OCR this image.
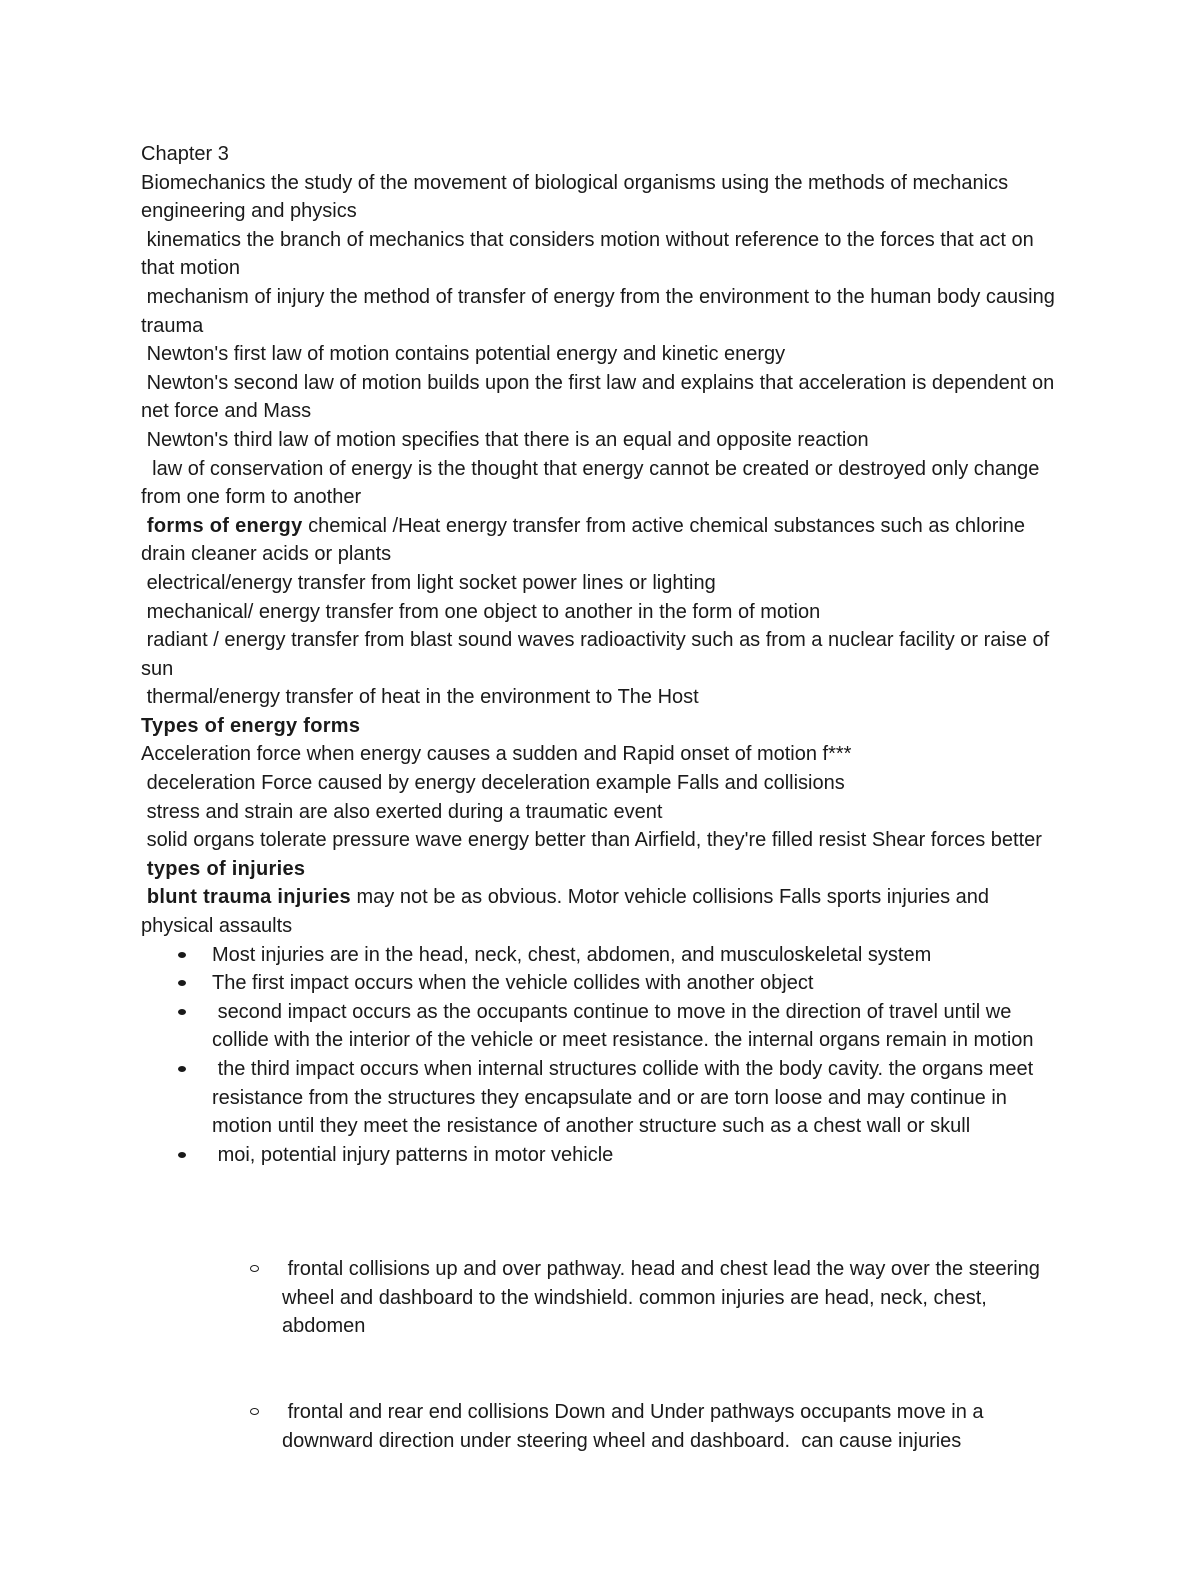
Chapter 3

Biomechanics the study of the movement of biological organisms using the methods of mechanics engineering and physics

kinematics the branch of mechanics that considers motion without reference to the forces that act on that motion

mechanism of injury the method of transfer of energy from the environment to the human body causing trauma

Newton's first law of motion contains potential energy and kinetic energy

Newton's second law of motion builds upon the first law and explains that acceleration is dependent on net force and Mass

Newton's third law of motion specifies that there is an equal and opposite reaction

law of conservation of energy is the thought that energy cannot be created or destroyed only change from one form to another

forms of energy chemical /Heat energy transfer from active chemical substances such as chlorine drain cleaner acids or plants

electrical/energy transfer from light socket power lines or lighting

mechanical/ energy transfer from one object to another in the form of motion

radiant / energy transfer from blast sound waves radioactivity such as from a nuclear facility or raise of sun

thermal/energy transfer of heat in the environment to The Host

Types of energy forms

Acceleration force when energy causes a sudden and Rapid onset of motion f***

deceleration Force caused by energy deceleration example Falls and collisions

stress and strain are also exerted during a traumatic event

solid organs tolerate pressure wave energy better than Airfield, they're filled resist Shear forces better

types of injuries

blunt trauma injuries may not be as obvious. Motor vehicle collisions Falls sports injuries and physical assaults

Most injuries are in the head, neck, chest, abdomen, and musculoskeletal system
The first impact occurs when the vehicle collides with another object
second impact occurs as the occupants continue to move in the direction of travel until we collide with the interior of the vehicle or meet resistance. the internal organs remain in motion
the third impact occurs when internal structures collide with the body cavity. the organs meet resistance from the structures they encapsulate and or are torn loose and may continue in motion until they meet the resistance of another structure such as a chest wall or skull
moi, potential injury patterns in motor vehicle

frontal collisions up and over pathway. head and chest lead the way over the steering wheel and dashboard to the windshield. common injuries are head, neck, chest, abdomen

frontal and rear end collisions Down and Under pathways occupants move in a downward direction under steering wheel and dashboard.  can cause injuries
